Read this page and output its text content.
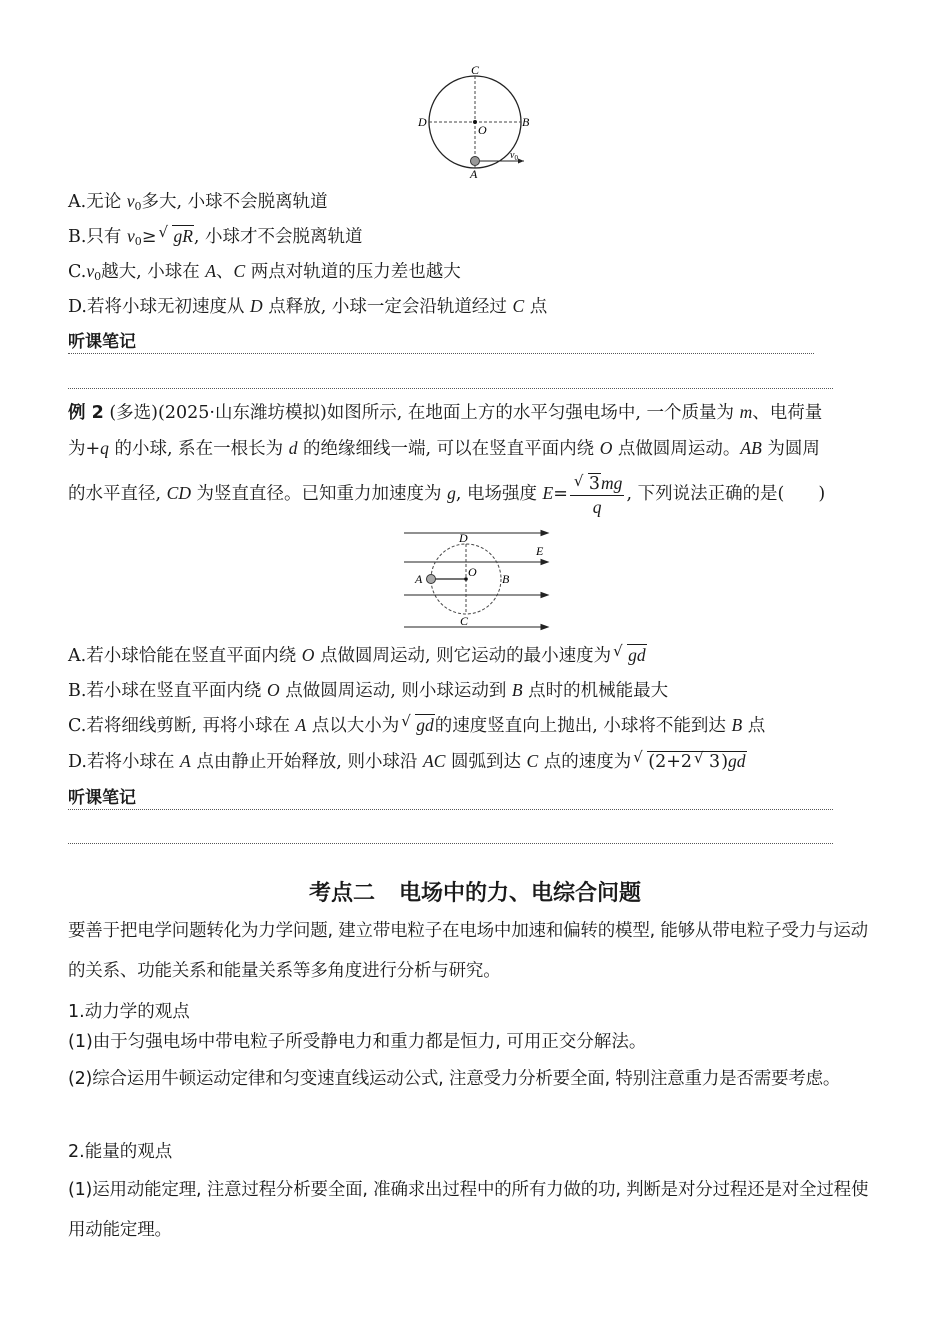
C
D
O
B
A
$v_0$
A.无论 $v_0$多大, 小球不会脱离轨道
B.只有 $v_0\ge$ √ gR, 小球才不会脱离轨道
$C.v_0$越大, 小球在 A、C 两点对轨道的压力差也越大
D.若将小球无初速度从 D 点释放, 小球一定会沿轨道经过 C 点
听课笔记
例 2 (多选)(2025·山东潍坊模拟)如图所示, 在地面上方的水平匀强电场中, 一个质量为 m、电荷量
为+q 的小球, 系在一根长为 d 的绝缘细线一端, 可以在竖直平面内绕 O 点做圆周运动。AB 为圆周
的水平直径, CD 为竖直直径。已知重力加速度为 g, 电场强度 $E= \frac{√ 3mg}{q}$ , 下列说法正确的是( )
D
E
O
A	B
C
A.若小球恰能在竖直平面内绕 O 点做圆周运动, 则它运动的最小速度为 √ gd
B.若小球在竖直平面内绕 O 点做圆周运动, 则小球运动到 B 点时的机械能最大
C.若将细线剪断, 再将小球在 A 点以大小为 √ gd的速度竖直向上抛出, 小球将不能到达 B 点
D.若将小球在 A 点由静止开始释放, 则小球沿 AC 圆弧到达 C 点的速度为 √ (2+2 √ 3)gd
听课笔记
考点二 电场中的力、电综合问题
要善于把电学问题转化为力学问题, 建立带电粒子在电场中加速和偏转的模型, 能够从带电粒子受力与运动的关系、功能关系和能量关系等多角度进行分析与研究。
1.动力学的观点
(1)由于匀强电场中带电粒子所受静电力和重力都是恒力, 可用正交分解法。
(2)综合运用牛顿运动定律和匀变速直线运动公式, 注意受力分析要全面, 特别注意重力是否需要考虑。
2.能量的观点
(1)运用动能定理, 注意过程分析要全面, 准确求出过程中的所有力做的功, 判断是对分过程还是对全过程使用动能定理。
